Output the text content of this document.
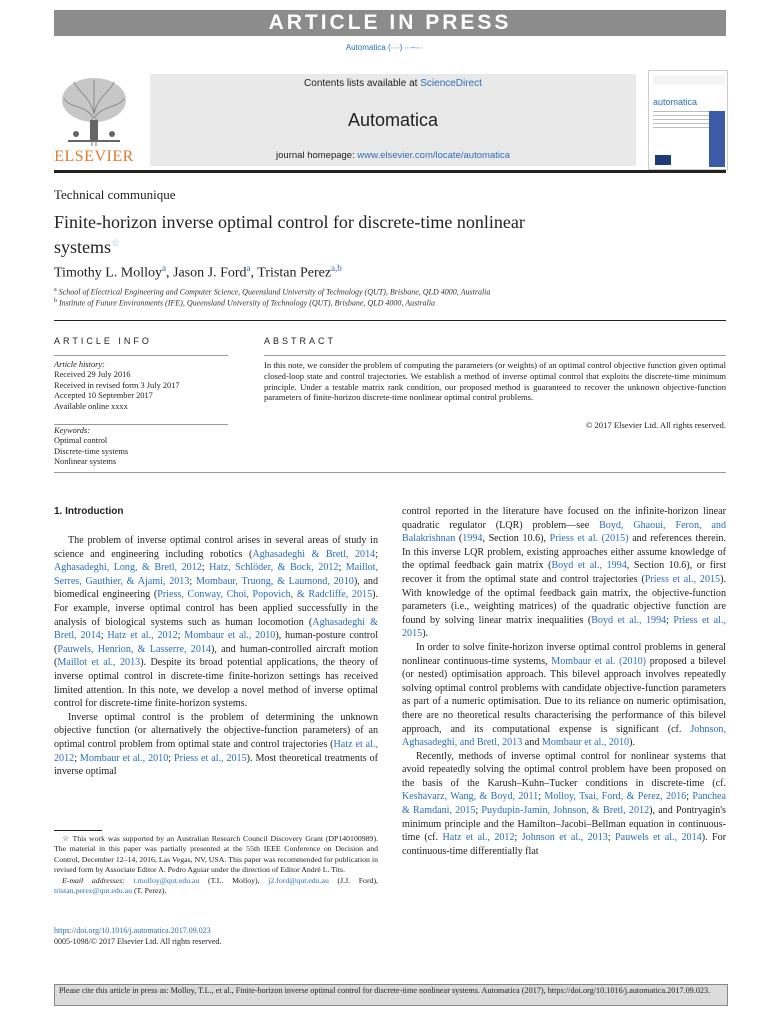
ARTICLE IN PRESS
Automatica (∙∙∙∙) ∙∙∙–∙∙∙
ELSEVIER
Contents lists available at ScienceDirect
Automatica
journal homepage: www.elsevier.com/locate/automatica
automatica
Technical communique
Finite-horizon inverse optimal control for discrete-time nonlinear
systems☆
Timothy L. Molloy$^a$, Jason J. Ford$^a$, Tristan Perez$^{a,b}$
$^a$ School of Electrical Engineering and Computer Science, Queensland University of Technology (QUT), Brisbane, QLD 4000, Australia
$^b$ Institute of Future Environments (IFE), Queensland University of Technology (QUT), Brisbane, QLD 4000, Australia
ARTICLE INFO
Article history:
Received 29 July 2016
Received in revised form 3 July 2017
Accepted 10 September 2017
Available online xxxx
Keywords:
Optimal control
Discrete-time systems
Nonlinear systems
ABSTRACT
In this note, we consider the problem of computing the parameters (or weights) of an optimal control objective function given optimal closed-loop state and control trajectories. We establish a method of inverse optimal control that exploits the discrete-time minimum principle. Under a testable matrix rank condition, our proposed method is guaranteed to recover the unknown objective-function parameters of finite-horizon discrete-time nonlinear optimal control problems.
© 2017 Elsevier Ltd. All rights reserved.
1. Introduction

The problem of inverse optimal control arises in several areas of study in science and engineering including robotics (Aghasadeghi & Bretl, 2014; Aghasadeghi, Long, & Bretl, 2012; Hatz, Schlöder, & Bock, 2012; Maillot, Serres, Gauthier, & Ajami, 2013; Mombaur, Truong, & Laumond, 2010), and biomedical engineering (Priess, Conway, Choi, Popovich, & Radcliffe, 2015). For example, inverse optimal control has been applied successfully in the analysis of biological systems such as human locomotion (Aghasadeghi & Bretl, 2014; Hatz et al., 2012; Mombaur et al., 2010), human-posture control (Pauwels, Henrion, & Lasserre, 2014), and human-controlled aircraft motion (Maillot et al., 2013). Despite its broad potential applications, the theory of inverse optimal control in discrete-time finite-horizon settings has received limited attention. In this note, we develop a novel method of inverse optimal control for discrete-time finite-horizon systems.

Inverse optimal control is the problem of determining the unknown objective function (or alternatively the objective-function parameters) of an optimal control problem from optimal state and control trajectories (Hatz et al., 2012; Mombaur et al., 2010; Priess et al., 2015). Most theoretical treatments of inverse optimal

control reported in the literature have focused on the infinite-horizon linear quadratic regulator (LQR) problem—see Boyd, Ghaoui, Feron, and Balakrishnan (1994, Section 10.6), Priess et al. (2015) and references therein. In this inverse LQR problem, existing approaches either assume knowledge of the optimal feedback gain matrix (Boyd et al., 1994, Section 10.6), or first recover it from the optimal state and control trajectories (Priess et al., 2015). With knowledge of the optimal feedback gain matrix, the objective-function parameters (i.e., weighting matrices) of the quadratic objective function are found by solving linear matrix inequalities (Boyd et al., 1994; Priess et al., 2015).

In order to solve finite-horizon inverse optimal control problems in general nonlinear continuous-time systems, Mombaur et al. (2010) proposed a bilevel (or nested) optimisation approach. This bilevel approach involves repeatedly solving optimal control problems with candidate objective-function parameters as part of a numeric optimisation. Due to its reliance on numeric optimisation, there are no theoretical results characterising the performance of this bilevel approach, and its computational expense is significant (cf. Johnson, Aghasadeghi, and Bretl, 2013 and Mombaur et al., 2010).

Recently, methods of inverse optimal control for nonlinear systems that avoid repeatedly solving the optimal control problem have been proposed on the basis of the Karush–Kuhn–Tucker conditions in discrete-time (cf. Keshavarz, Wang, & Boyd, 2011; Molloy, Tsai, Ford, & Perez, 2016; Panchea & Ramdani, 2015; Puydupin-Jamin, Johnson, & Bretl, 2012), and Pontryagin's minimum principle and the Hamilton–Jacobi–Bellman equation in continuous-time (cf. Hatz et al., 2012; Johnson et al., 2013; Pauwels et al., 2014). For continuous-time differentially flat

☆ This work was supported by an Australian Research Council Discovery Grant (DP140100989). The material in this paper was partially presented at the 55th IEEE Conference on Decision and Control, December 12–14, 2016, Las Vegas, NV, USA. This paper was recommended for publication in revised form by Associate Editor A. Pedro Aguiar under the direction of Editor André L. Tits.
E-mail addresses: t.molloy@qut.edu.au (T.L. Molloy), j2.ford@qut.edu.au (J.J. Ford), tristan.perez@qut.edu.au (T. Perez).
https://doi.org/10.1016/j.automatica.2017.09.023
0005-1098/© 2017 Elsevier Ltd. All rights reserved.
Please cite this article in press as: Molloy, T.L., et al., Finite-horizon inverse optimal control for discrete-time nonlinear systems. Automatica (2017), https://doi.org/10.1016/j.automatica.2017.09.023.
